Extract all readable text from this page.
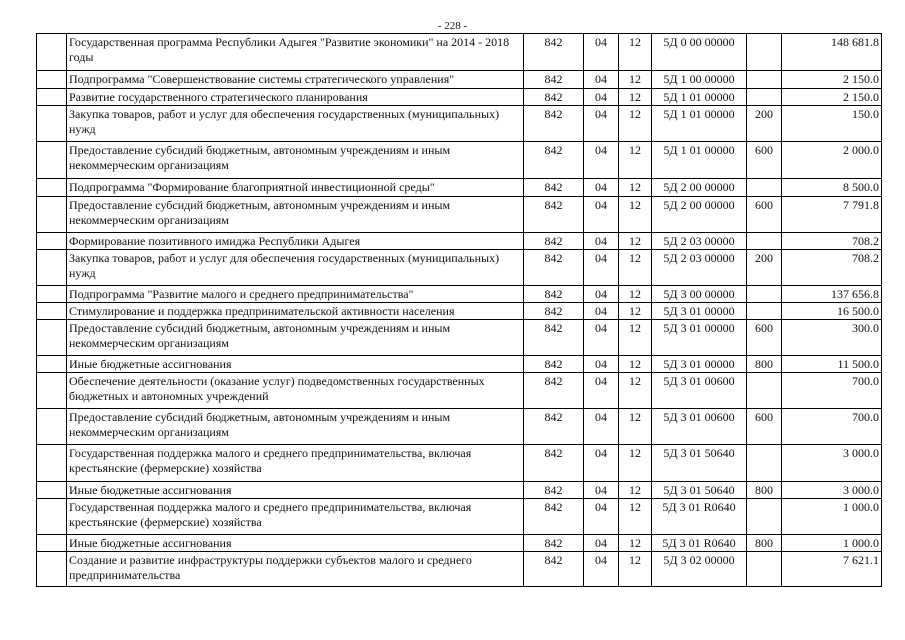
- 228 -
	Государственная программа Республики Адыгея "Развитие экономики" на 2014 - 2018 годы	842	04	12	5Д 0 00 00000		148 681.8
	Подпрограмма "Совершенствование системы стратегического управления"	842	04	12	5Д 1 00 00000		2 150.0
	Развитие государственного стратегического планирования	842	04	12	5Д 1 01 00000		2 150.0
	Закупка товаров, работ и услуг для обеспечения государственных (муниципальных) нужд	842	04	12	5Д 1 01 00000	200	150.0
	Предоставление субсидий бюджетным, автономным учреждениям и иным некоммерческим организациям	842	04	12	5Д 1 01 00000	600	2 000.0
	Подпрограмма "Формирование благоприятной инвестиционной среды"	842	04	12	5Д 2 00 00000		8 500.0
	Предоставление субсидий бюджетным, автономным учреждениям и иным некоммерческим организациям	842	04	12	5Д 2 00 00000	600	7 791.8
	Формирование позитивного имиджа Республики Адыгея	842	04	12	5Д 2 03 00000		708.2
	Закупка товаров, работ и услуг для обеспечения государственных (муниципальных) нужд	842	04	12	5Д 2 03 00000	200	708.2
	Подпрограмма "Развитие малого и среднего предпринимательства"	842	04	12	5Д 3 00 00000		137 656.8
	Стимулирование и поддержка предпринимательской активности населения	842	04	12	5Д 3 01 00000		16 500.0
	Предоставление субсидий бюджетным, автономным учреждениям и иным некоммерческим организациям	842	04	12	5Д 3 01 00000	600	300.0
	Иные бюджетные ассигнования	842	04	12	5Д 3 01 00000	800	11 500.0
	Обеспечение деятельности (оказание услуг) подведомственных государственных бюджетных и автономных учреждений	842	04	12	5Д 3 01 00600		700.0
	Предоставление субсидий бюджетным, автономным учреждениям и иным некоммерческим организациям	842	04	12	5Д 3 01 00600	600	700.0
	Государственная поддержка малого и среднего предпринимательства, включая крестьянские (фермерские) хозяйства	842	04	12	5Д 3 01 50640		3 000.0
	Иные бюджетные ассигнования	842	04	12	5Д 3 01 50640	800	3 000.0
	Государственная поддержка малого и среднего предпринимательства, включая крестьянские (фермерские) хозяйства	842	04	12	5Д 3 01 R0640		1 000.0
	Иные бюджетные ассигнования	842	04	12	5Д 3 01 R0640	800	1 000.0
	Создание и развитие инфраструктуры поддержки субъектов малого и среднего предпринимательства	842	04	12	5Д 3 02 00000		7 621.1
